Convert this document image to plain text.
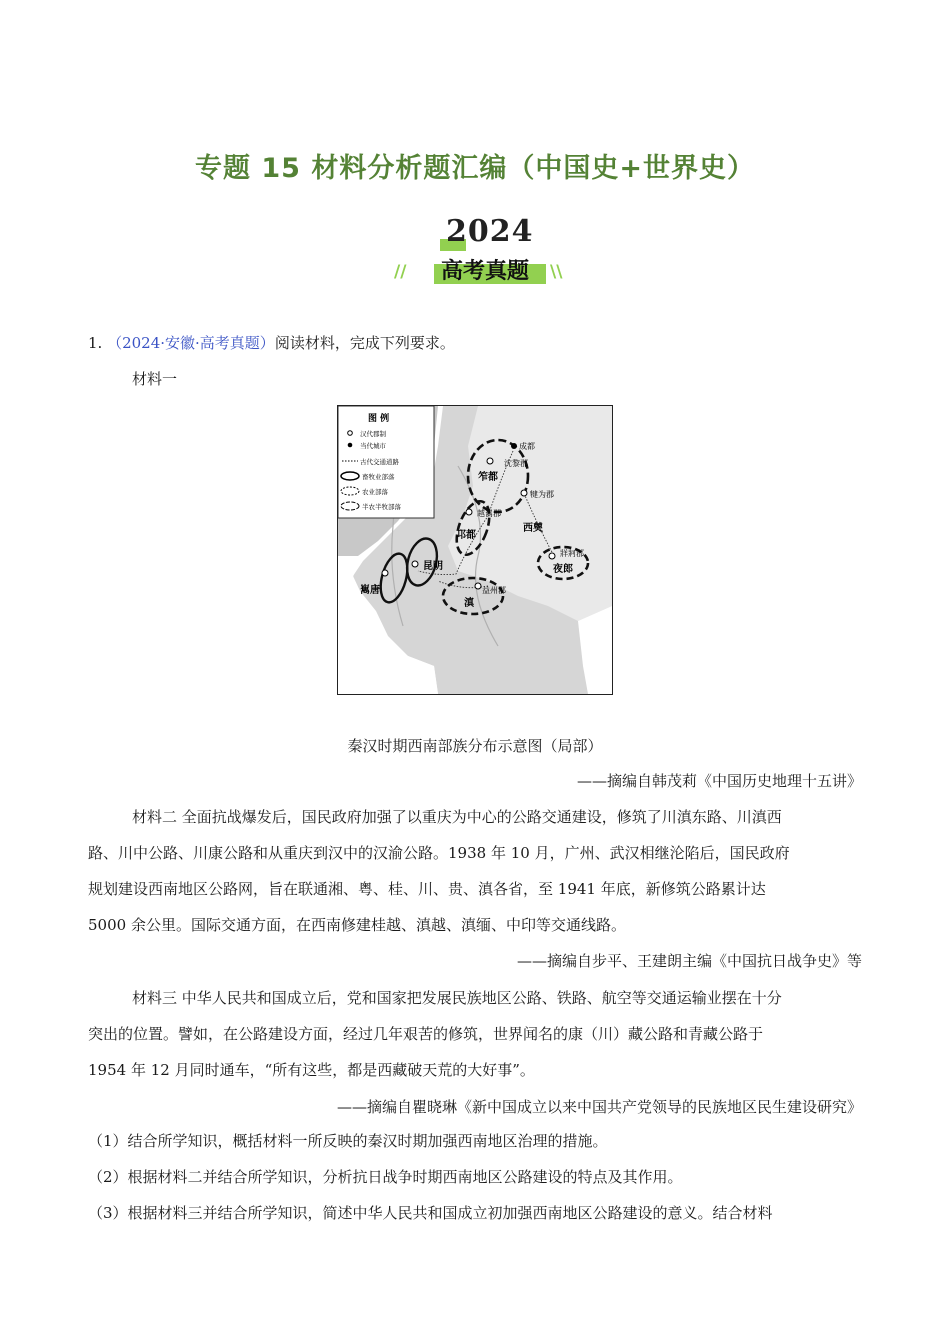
专题 15 材料分析题汇编（中国史+世界史）
2024
//	\\
高考真题
1. （2024·安徽·高考真题）阅读材料，完成下列要求。
材料一
图 例
汉代郡制
当代城市
古代交通道路
畜牧业部落
农业部落
半农半牧部落
成都
沈黎郡
笮都
犍为郡
越嶲郡
邛都
西僰
牂牁郡
夜郎
昆明
嶲唐	益州郡
滇
秦汉时期西南部族分布示意图（局部）
——摘编自韩茂莉《中国历史地理十五讲》
材料二 全面抗战爆发后，国民政府加强了以重庆为中心的公路交通建设，修筑了川滇东路、川滇西
路、川中公路、川康公路和从重庆到汉中的汉渝公路。1938 年 10 月，广州、武汉相继沦陷后，国民政府
规划建设西南地区公路网，旨在联通湘、粤、桂、川、贵、滇各省，至 1941 年底，新修筑公路累计达
5000 余公里。国际交通方面，在西南修建桂越、滇越、滇缅、中印等交通线路。
——摘编自步平、王建朗主编《中国抗日战争史》等
材料三 中华人民共和国成立后，党和国家把发展民族地区公路、铁路、航空等交通运输业摆在十分
突出的位置。譬如，在公路建设方面，经过几年艰苦的修筑，世界闻名的康（川）藏公路和青藏公路于
1954 年 12 月同时通车，“所有这些，都是西藏破天荒的大好事”。
——摘编自瞿晓琳《新中国成立以来中国共产党领导的民族地区民生建设研究》
（1）结合所学知识，概括材料一所反映的秦汉时期加强西南地区治理的措施。
（2）根据材料二并结合所学知识，分析抗日战争时期西南地区公路建设的特点及其作用。
（3）根据材料三并结合所学知识，简述中华人民共和国成立初加强西南地区公路建设的意义。结合材料
